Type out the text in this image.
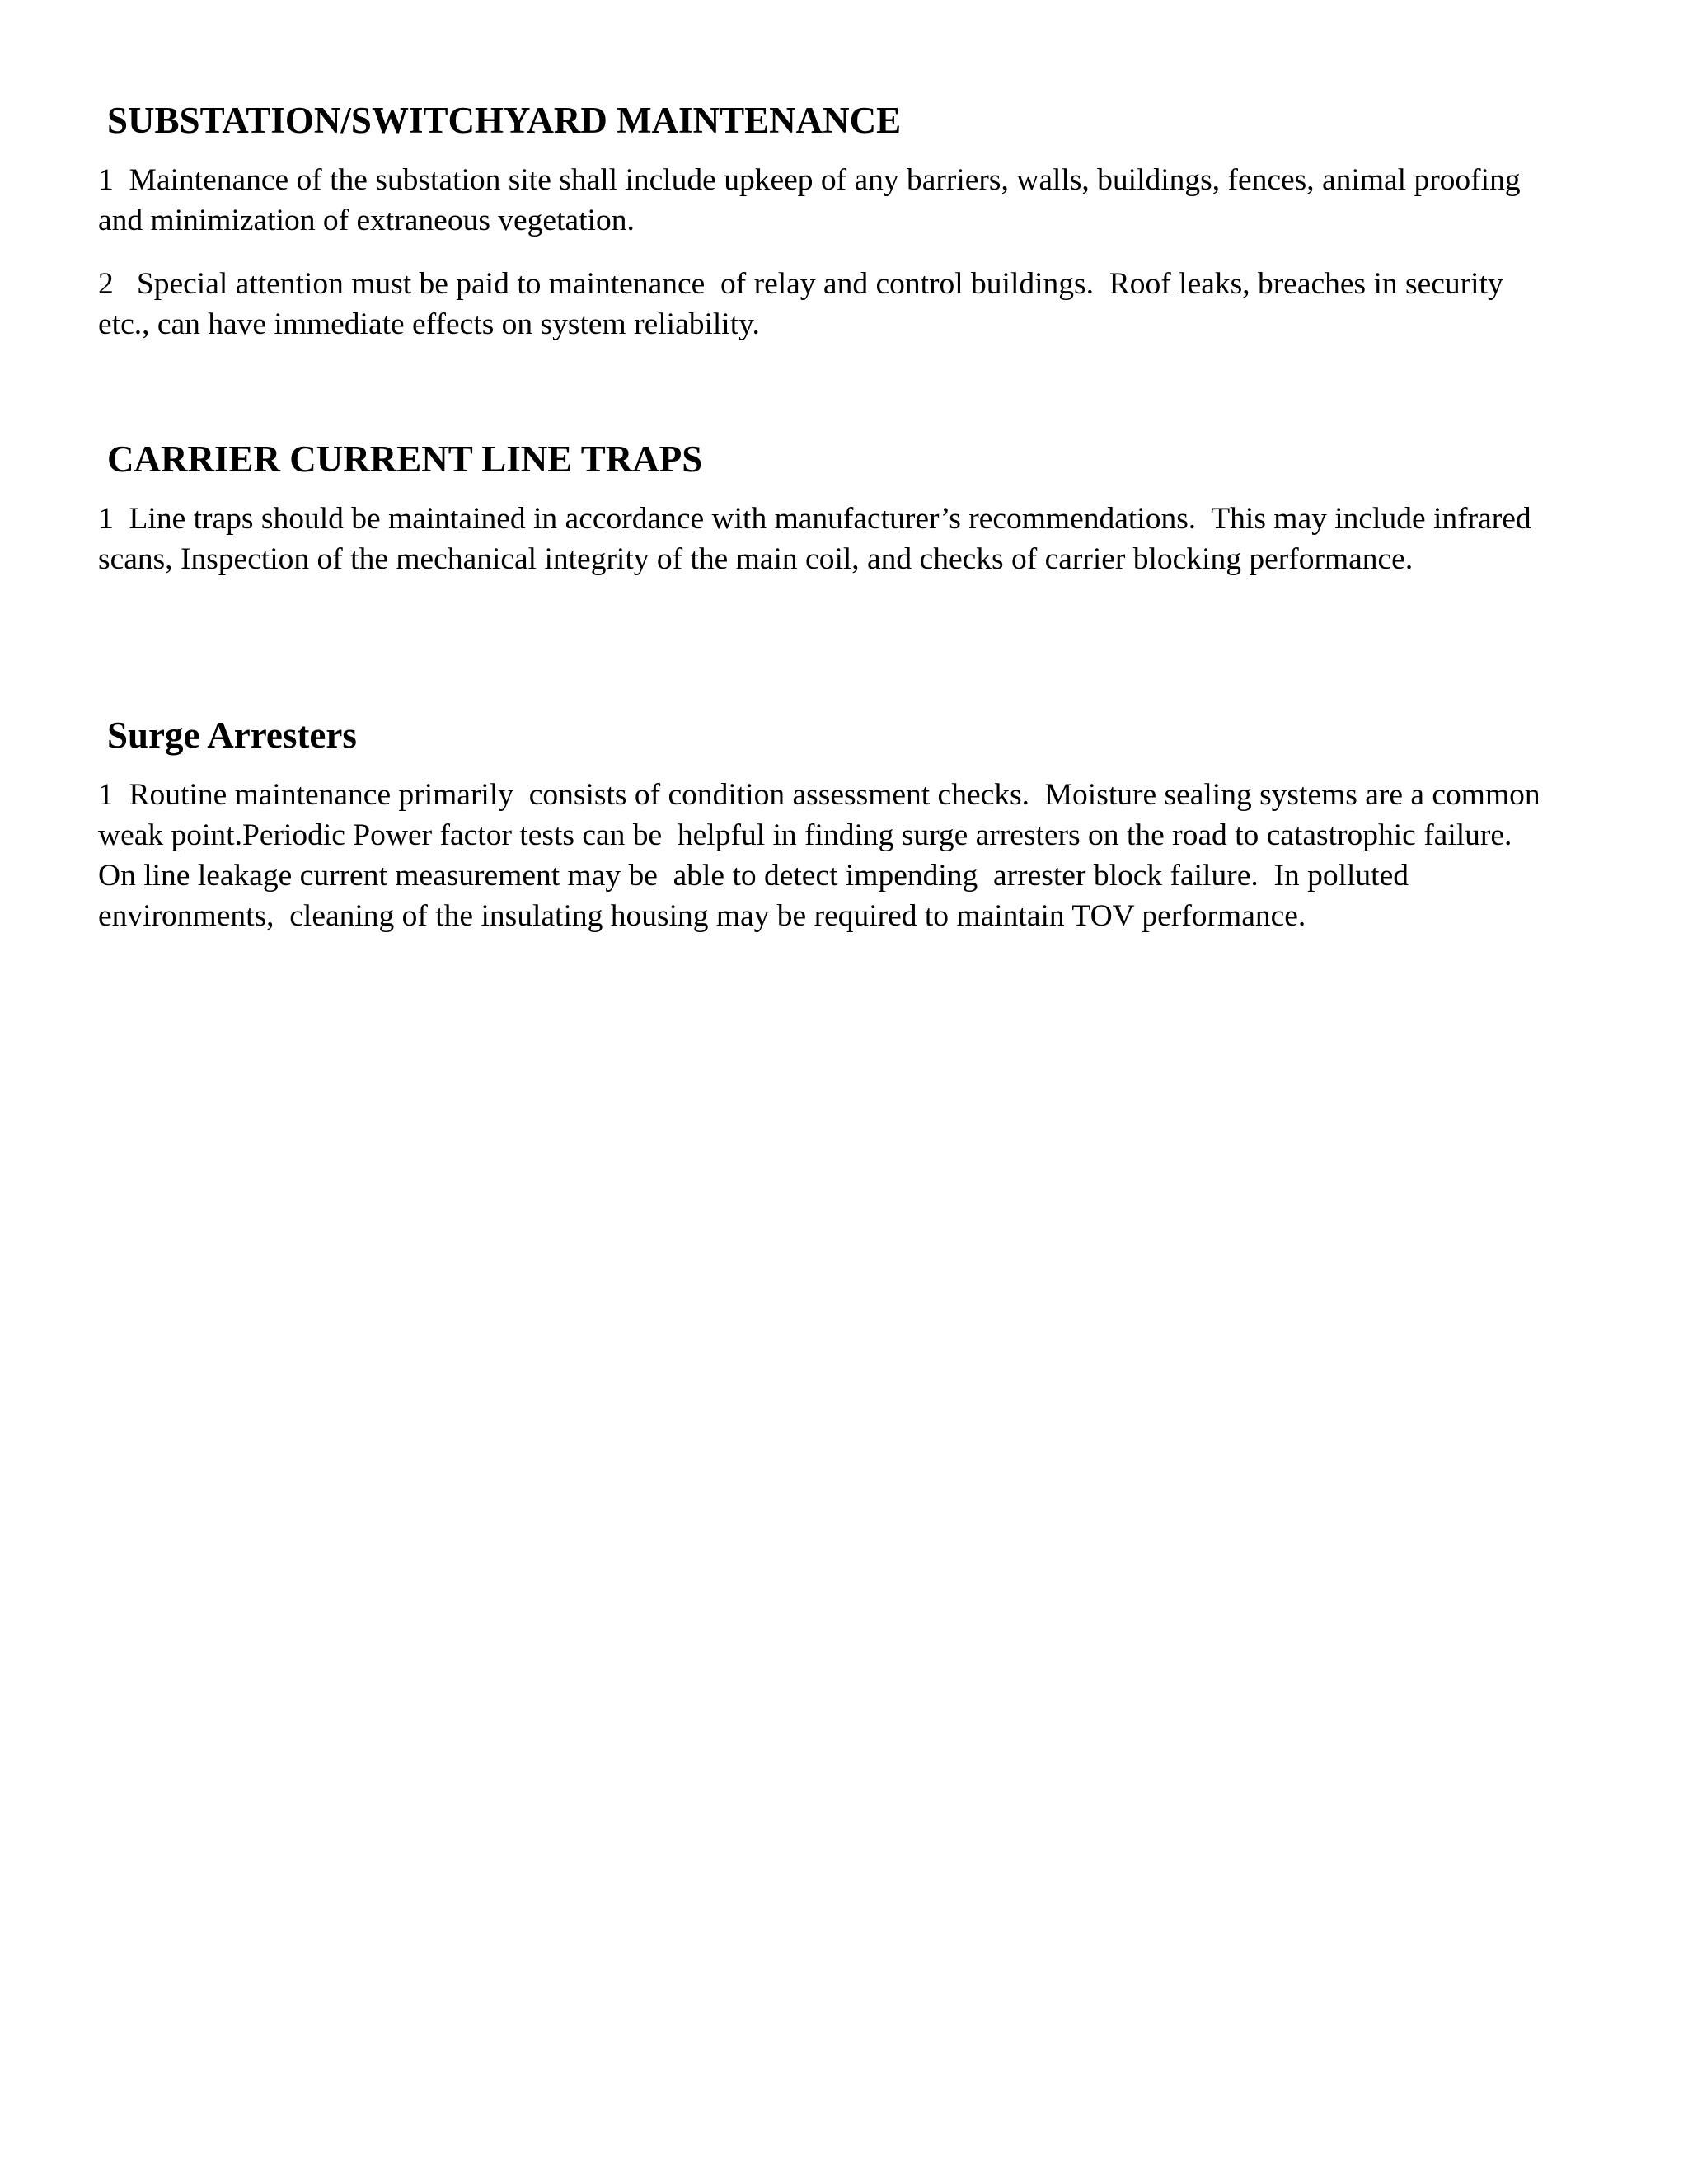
SUBSTATION/SWITCHYARD MAINTENANCE

1  Maintenance of the substation site shall include upkeep of any barriers, walls, buildings, fences, animal proofing and minimization of extraneous vegetation.

2   Special attention must be paid to maintenance  of relay and control buildings.  Roof leaks, breaches in security etc., can have immediate effects on system reliability.

CARRIER CURRENT LINE TRAPS

1  Line traps should be maintained in accordance with manufacturer’s recommendations.  This may include infrared scans, Inspection of the mechanical integrity of the main coil, and checks of carrier blocking performance.

Surge Arresters

1  Routine maintenance primarily  consists of condition assessment checks.  Moisture sealing systems are a common weak point.Periodic Power factor tests can be  helpful in finding surge arresters on the road to catastrophic failure.  On line leakage current measurement may be  able to detect impending  arrester block failure.  In polluted environments,  cleaning of the insulating housing may be required to maintain TOV performance.
